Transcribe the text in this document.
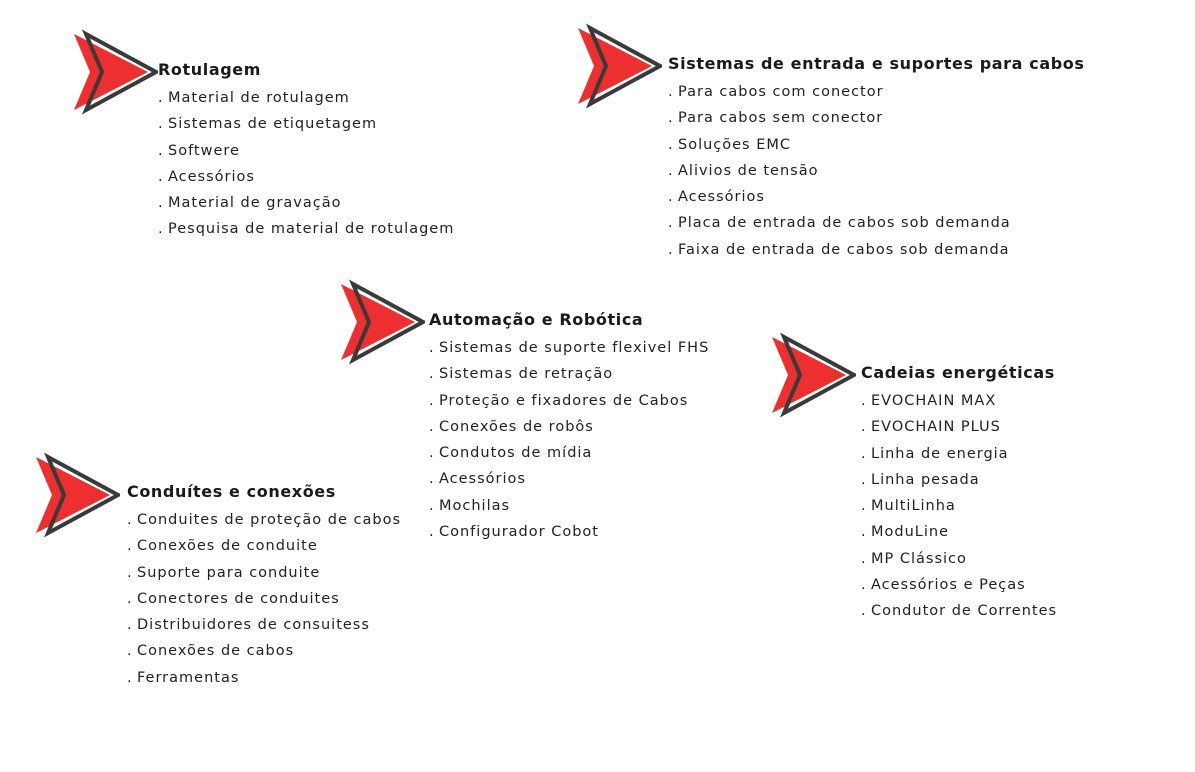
Rotulagem
. Material de rotulagem
. Sistemas de etiquetagem
. Softwere
. Acessórios
. Material de gravação
. Pesquisa de material de rotulagem
Sistemas de entrada e suportes para cabos
. Para cabos com conector
. Para cabos sem conector
. Soluções EMC
. Alivios de tensão
. Acessórios
. Placa de entrada de cabos sob demanda
. Faixa de entrada de cabos sob demanda
Automação e Robótica
. Sistemas de suporte flexivel FHS
. Sistemas de retração
. Proteção e fixadores de Cabos
. Conexões de robôs
. Condutos de mídia
. Acessórios
. Mochilas
. Configurador Cobot
Cadeias energéticas
. EVOCHAIN MAX
. EVOCHAIN PLUS
. Linha de energia
. Linha pesada
. MultiLinha
. ModuLine
. MP Clássico
. Acessórios e Peças
. Condutor de Correntes
Conduítes e conexões
. Conduites de proteção de cabos
. Conexões de conduite
. Suporte para conduite
. Conectores de conduites
. Distribuidores de consuitess
. Conexões de cabos
. Ferramentas
